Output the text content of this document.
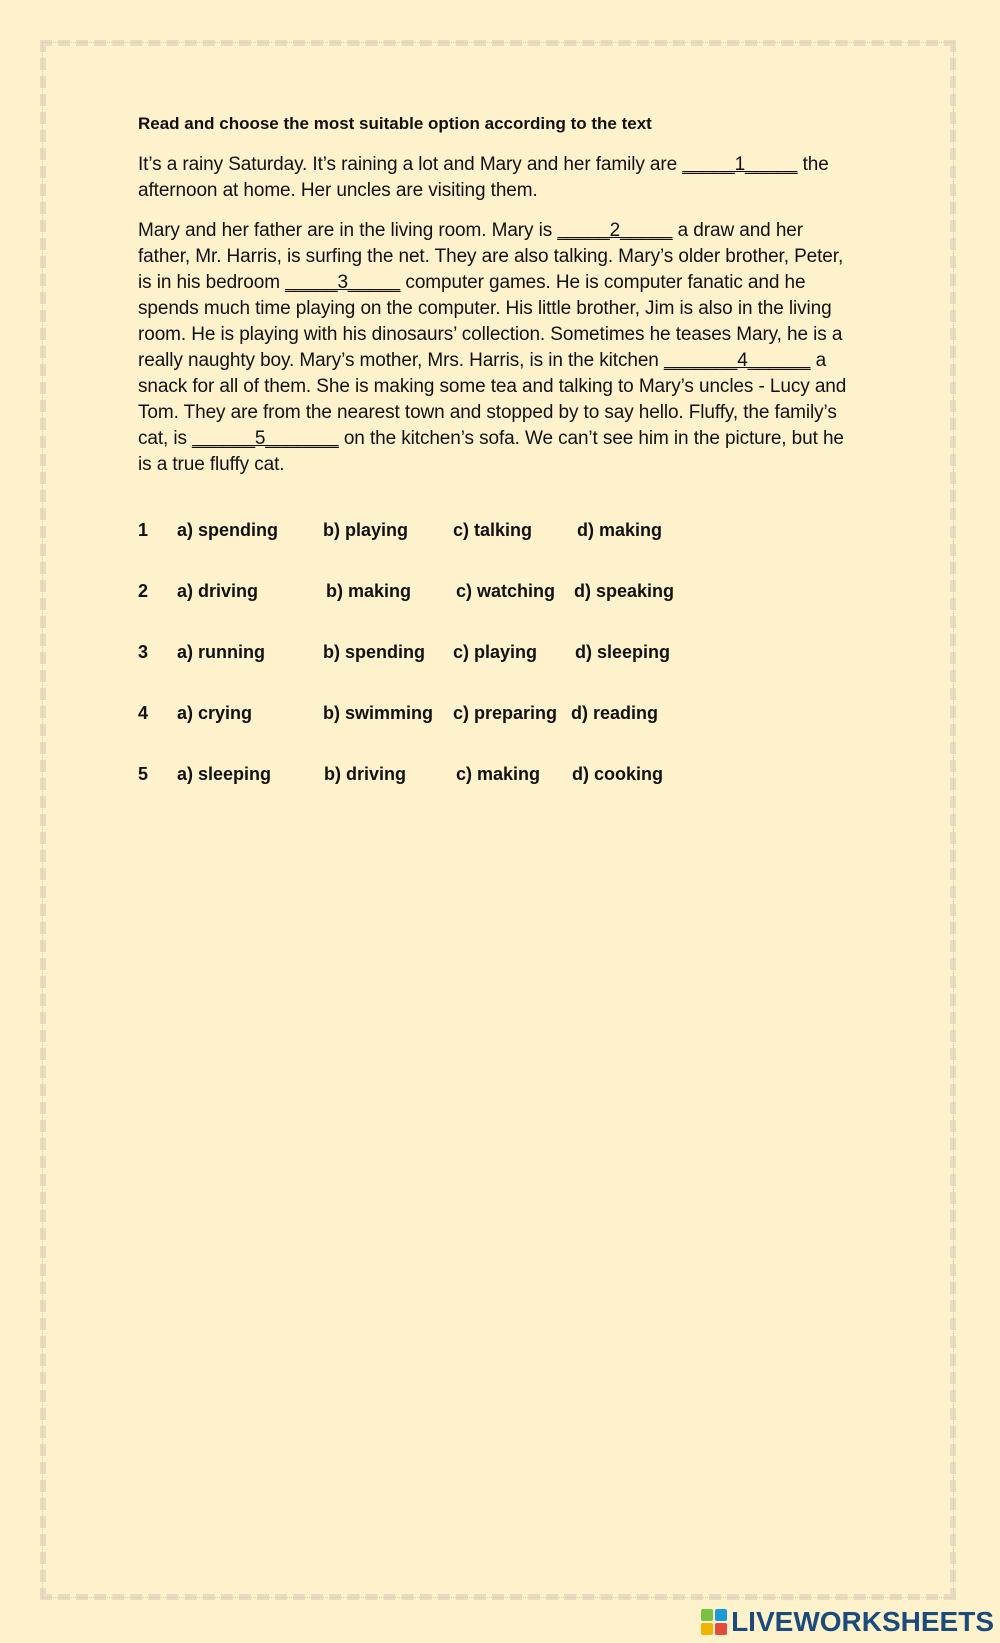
Read and choose the most suitable option according to the text

It’s a rainy Saturday. It’s raining a lot and Mary and her family are _____1_____ the afternoon at home. Her uncles are visiting them.

Mary and her father are in the living room. Mary is _____2_____ a draw and her father, Mr. Harris, is surfing the net. They are also talking. Mary’s older brother, Peter, is in his bedroom _____3_____ computer games. He is computer fanatic and he spends much time playing on the computer. His little brother, Jim is also in the living room. He is playing with his dinosaurs’ collection. Sometimes he teases Mary, he is a really naughty boy. Mary’s mother, Mrs. Harris, is in the kitchen _______4______ a snack for all of them. She is making some tea and talking to Mary’s uncles - Lucy and Tom. They are from the nearest town and stopped by to say hello. Fluffy, the family’s cat, is ______5_______ on the kitchen’s sofa. We can’t see him in the picture, but he is a true fluffy cat.

1 a) spending b) playing	c) talking d) making
2 a) driving	b) making c) watching d) speaking
3 a) running	b) spending c) playing d) sleeping
4 a) crying	b) swimming c) preparing d) reading
5 a) sleeping	b) driving	c) making d) cooking
LIVEWORKSHEETS
